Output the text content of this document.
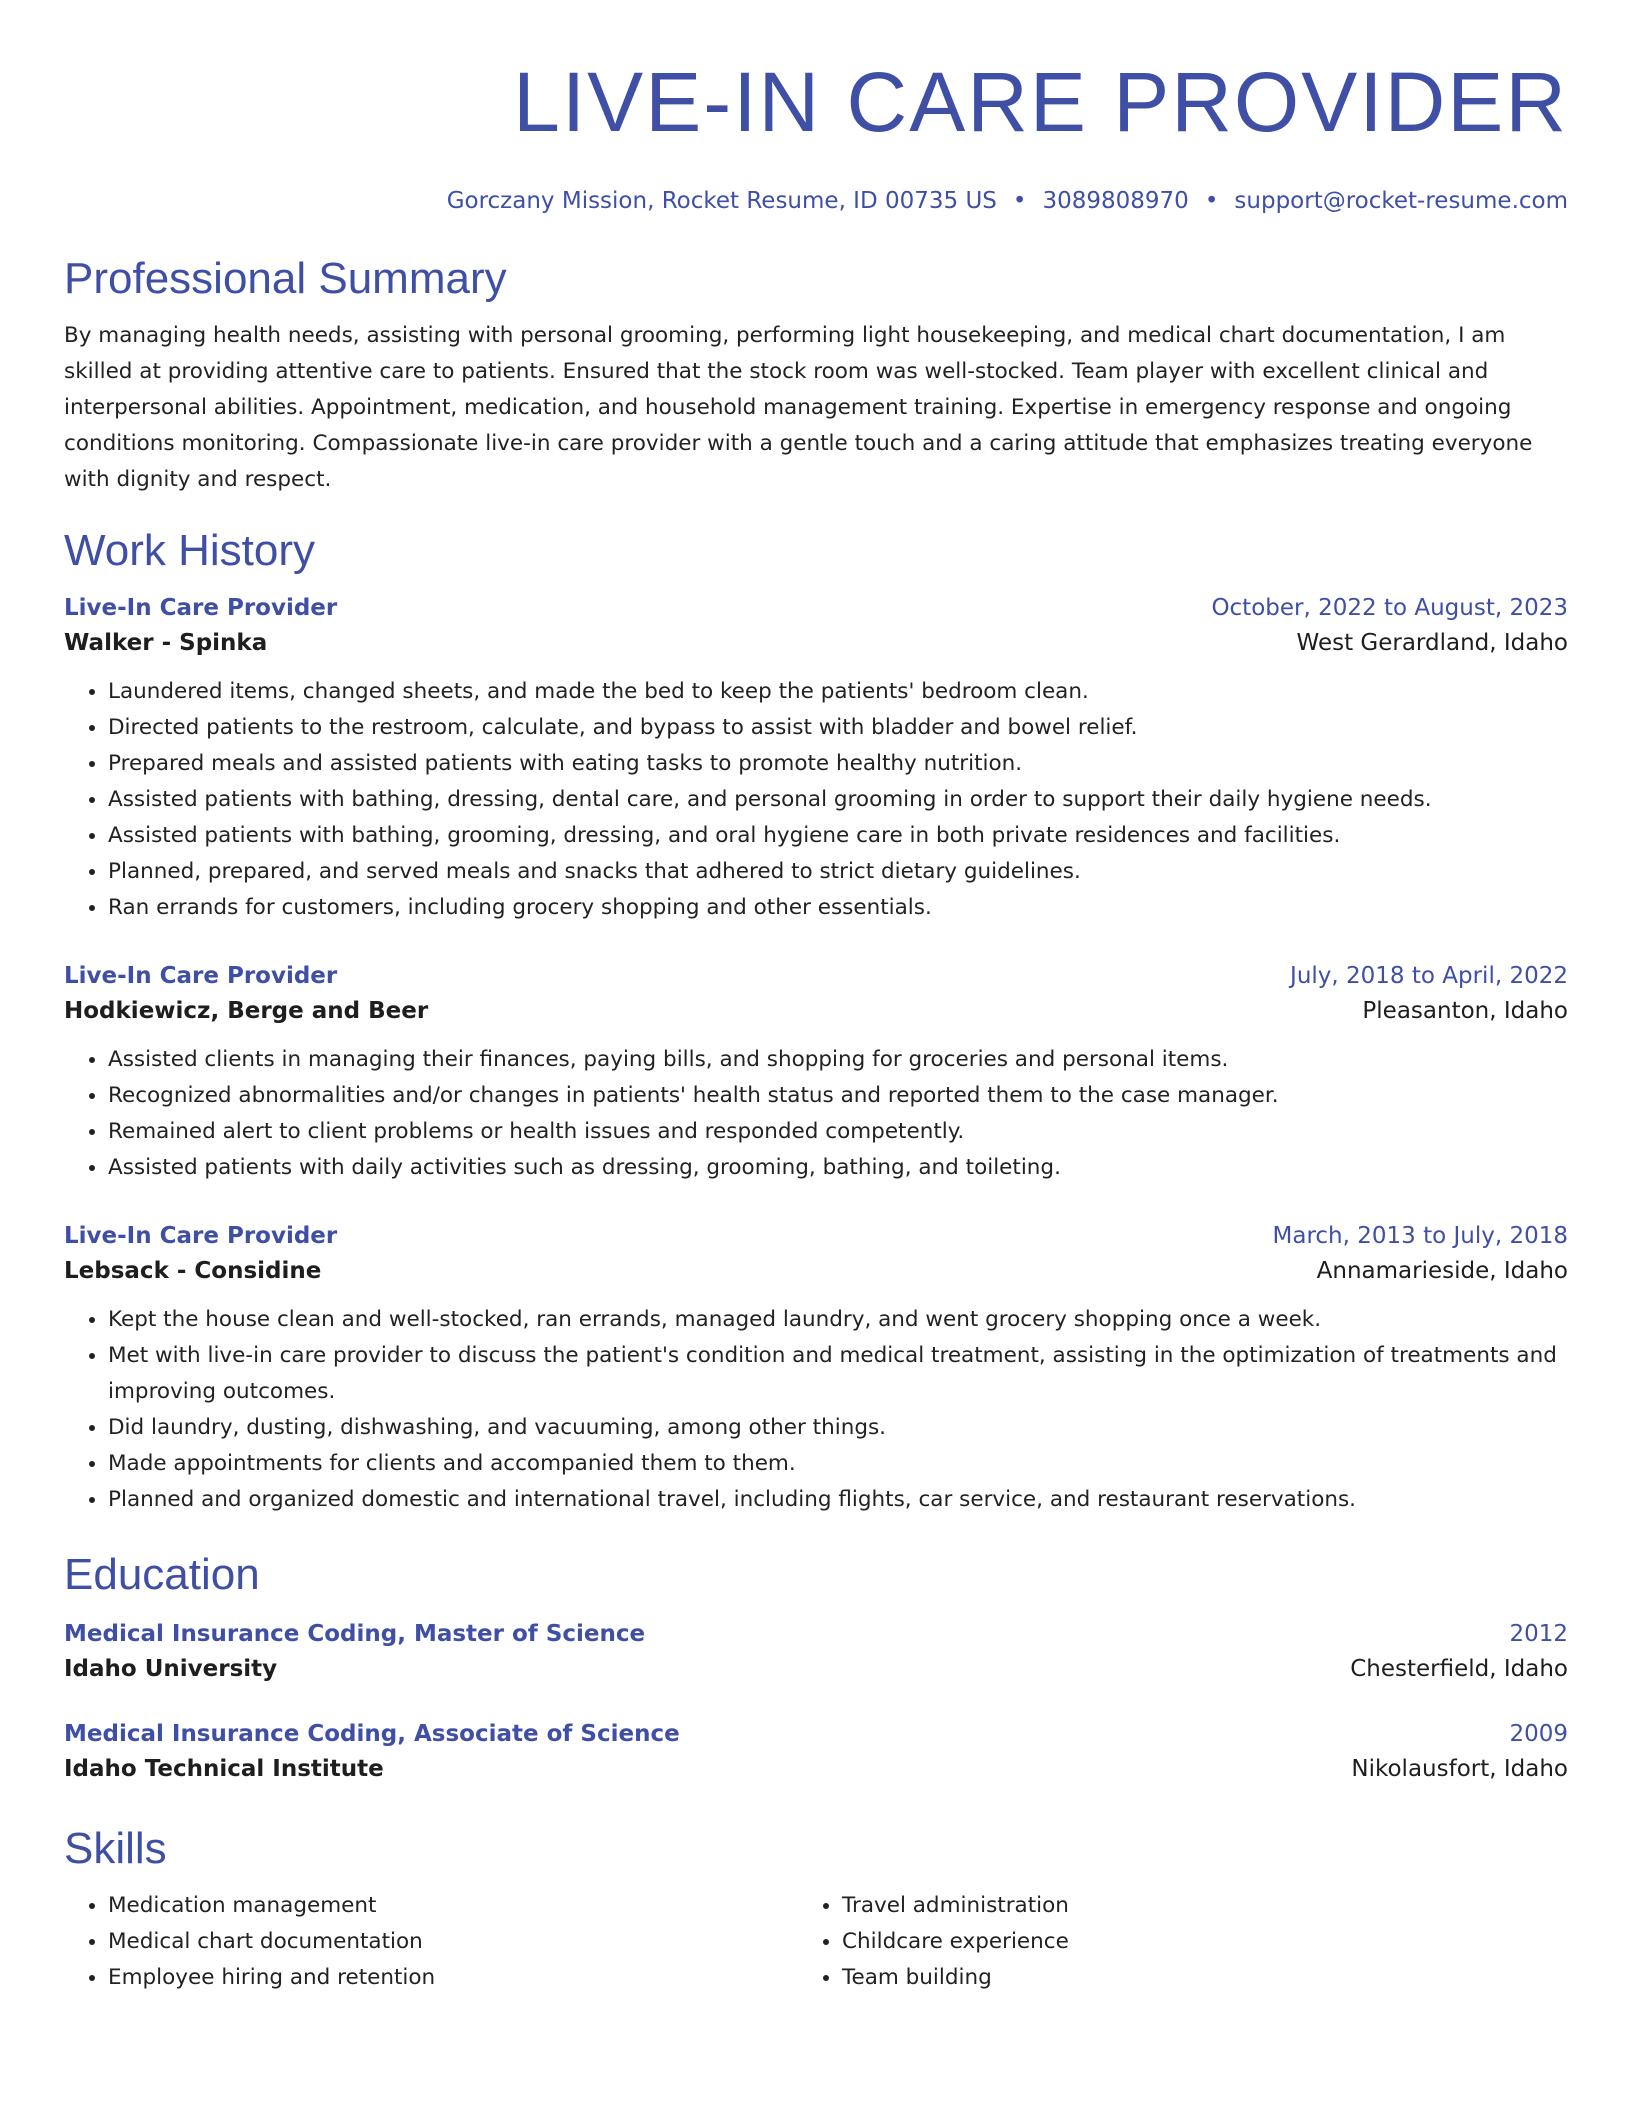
LIVE-IN CARE PROVIDER
Gorczany Mission, Rocket Resume, ID 00735 US • 3089808970 • support@rocket-resume.com
Professional Summary
By managing health needs, assisting with personal grooming, performing light housekeeping, and medical chart documentation, I am skilled at providing attentive care to patients. Ensured that the stock room was well-stocked. Team player with excellent clinical and interpersonal abilities. Appointment, medication, and household management training. Expertise in emergency response and ongoing conditions monitoring. Compassionate live-in care provider with a gentle touch and a caring attitude that emphasizes treating everyone with dignity and respect.
Work History
Live-In Care Provider	October, 2022 to August, 2023
Walker - Spinka	West Gerardland, Idaho
• Laundered items, changed sheets, and made the bed to keep the patients' bedroom clean.
• Directed patients to the restroom, calculate, and bypass to assist with bladder and bowel relief.
• Prepared meals and assisted patients with eating tasks to promote healthy nutrition.
• Assisted patients with bathing, dressing, dental care, and personal grooming in order to support their daily hygiene needs.
• Assisted patients with bathing, grooming, dressing, and oral hygiene care in both private residences and facilities.
• Planned, prepared, and served meals and snacks that adhered to strict dietary guidelines.
• Ran errands for customers, including grocery shopping and other essentials.
Live-In Care Provider	July, 2018 to April, 2022
Hodkiewicz, Berge and Beer	Pleasanton, Idaho
• Assisted clients in managing their finances, paying bills, and shopping for groceries and personal items.
• Recognized abnormalities and/or changes in patients' health status and reported them to the case manager.
• Remained alert to client problems or health issues and responded competently.
• Assisted patients with daily activities such as dressing, grooming, bathing, and toileting.
Live-In Care Provider	March, 2013 to July, 2018
Lebsack - Considine	Annamarieside, Idaho
• Kept the house clean and well-stocked, ran errands, managed laundry, and went grocery shopping once a week.
• Met with live-in care provider to discuss the patient's condition and medical treatment, assisting in the optimization of treatments and improving outcomes.
• Did laundry, dusting, dishwashing, and vacuuming, among other things.
• Made appointments for clients and accompanied them to them.
• Planned and organized domestic and international travel, including flights, car service, and restaurant reservations.
Education
Medical Insurance Coding, Master of Science	2012
Idaho University	Chesterfield, Idaho
Medical Insurance Coding, Associate of Science	2009
Idaho Technical Institute	Nikolausfort, Idaho
Skills
• Medication management
• Medical chart documentation
• Employee hiring and retention
• Travel administration
• Childcare experience
• Team building
